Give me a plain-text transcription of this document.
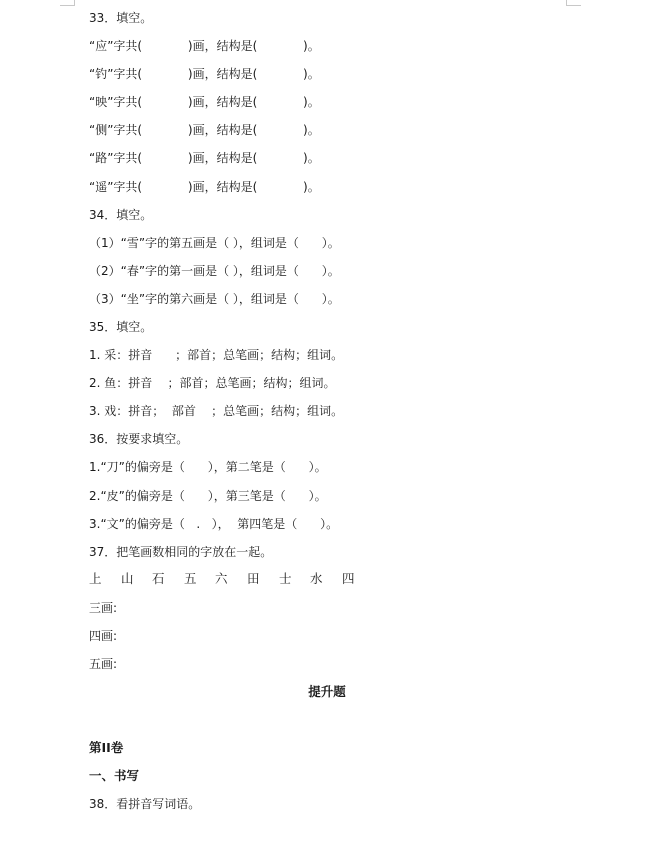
33．填空。
“应”字共(            )画，结构是(            )。
“钓”字共(            )画，结构是(            )。
“映”字共(            )画，结构是(            )。
“侧”字共(            )画，结构是(            )。
“路”字共(            )画，结构是(            )。
“遥”字共(            )画，结构是(            )。
34．填空。
（1）“雪”字的第五画是（ ），组词是（      ）。
（2）“春”字的第一画是（ ），组词是（      ）。
（3）“坐”字的第六画是（ ），组词是（      ）。
35．填空。
1. 采：拼音      ；部首；总笔画；结构；组词。
2. 鱼：拼音    ；部首；总笔画；结构；组词。
3. 戏：拼音；  部首    ；总笔画；结构；组词。
36．按要求填空。
1.“刀”的偏旁是（      ），第二笔是（      ）。
2.“皮”的偏旁是（      ），第三笔是（      ）。
3.“文”的偏旁是（   .   ），  第四笔是（      ）。
37．把笔画数相同的字放在一起。
上 山 石 五 六 田 士 水 四
三画:
四画:
五画:
提升题
第II卷
一、书写
38．看拼音写词语。
